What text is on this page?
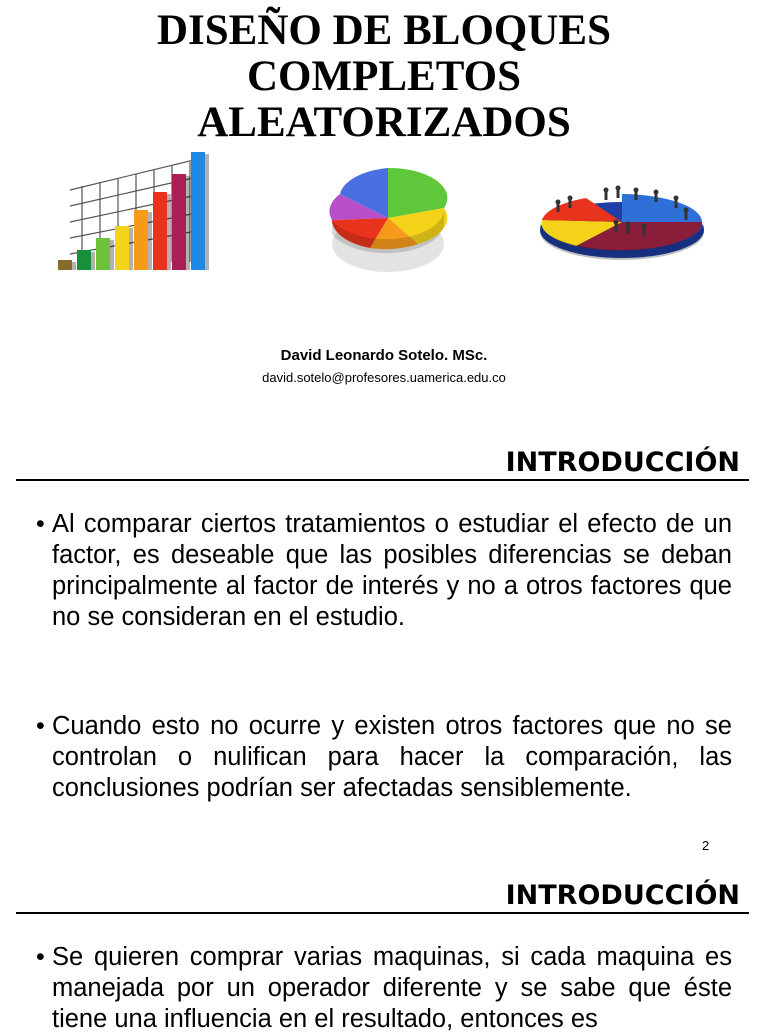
DISEÑO DE BLOQUES
COMPLETOS
ALEATORIZADOS
David Leonardo Sotelo. MSc.
david.sotelo@profesores.uamerica.edu.co
INTRODUCCIÓN
• Al comparar ciertos tratamientos o estudiar el efecto de un factor, es deseable que las posibles diferencias se deban principalmente al factor de interés y no a otros factores que no se consideran en el estudio.
• Cuando esto no ocurre y existen otros factores que no se controlan o nulifican para hacer la comparación, las conclusiones podrían ser afectadas sensiblemente.
2
INTRODUCCIÓN
• Se quieren comprar varias maquinas, si cada maquina es manejada por un operador diferente y se sabe que éste tiene una influencia en el resultado, entonces es
